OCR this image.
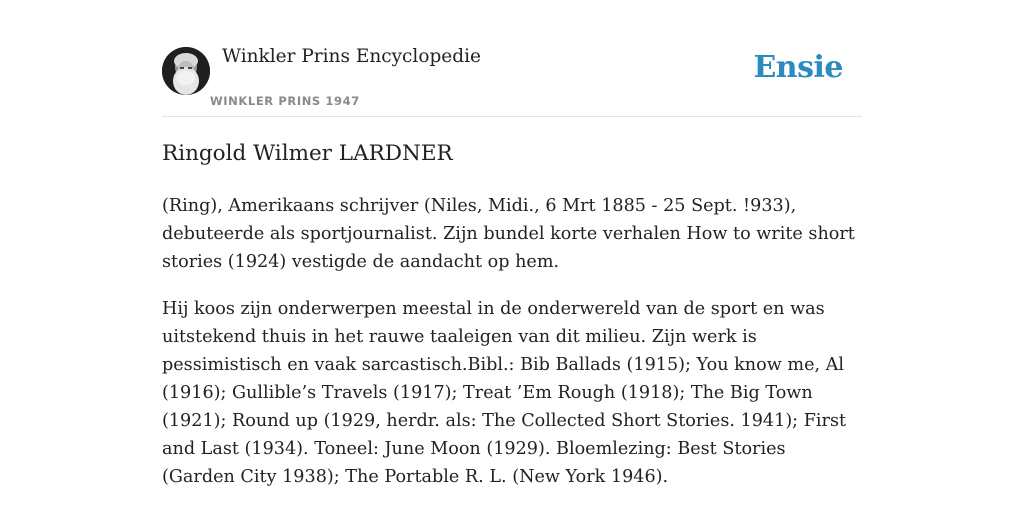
Winkler Prins Encyclopedie
WINKLER PRINS 1947
Ensie
Ringold Wilmer LARDNER

(Ring), Amerikaans schrijver (Niles, Midi., 6 Mrt 1885 - 25 Sept. !933), debuteerde als sportjournalist. Zijn bundel korte verhalen How to write short stories (1924) vestigde de aandacht op hem.

Hij koos zijn onderwerpen meestal in de onderwereld van de sport en was uitstekend thuis in het rauwe taaleigen van dit milieu. Zijn werk is pessimistisch en vaak sarcastisch.Bibl.: Bib Ballads (1915); You know me, Al (1916); Gullible’s Travels (1917); Treat ’Em Rough (1918); The Big Town (1921); Round up (1929, herdr. als: The Collected Short Stories. 1941); First and Last (1934). Toneel: June Moon (1929). Bloemlezing: Best Stories (Garden City 1938); The Portable R. L. (New York 1946).
